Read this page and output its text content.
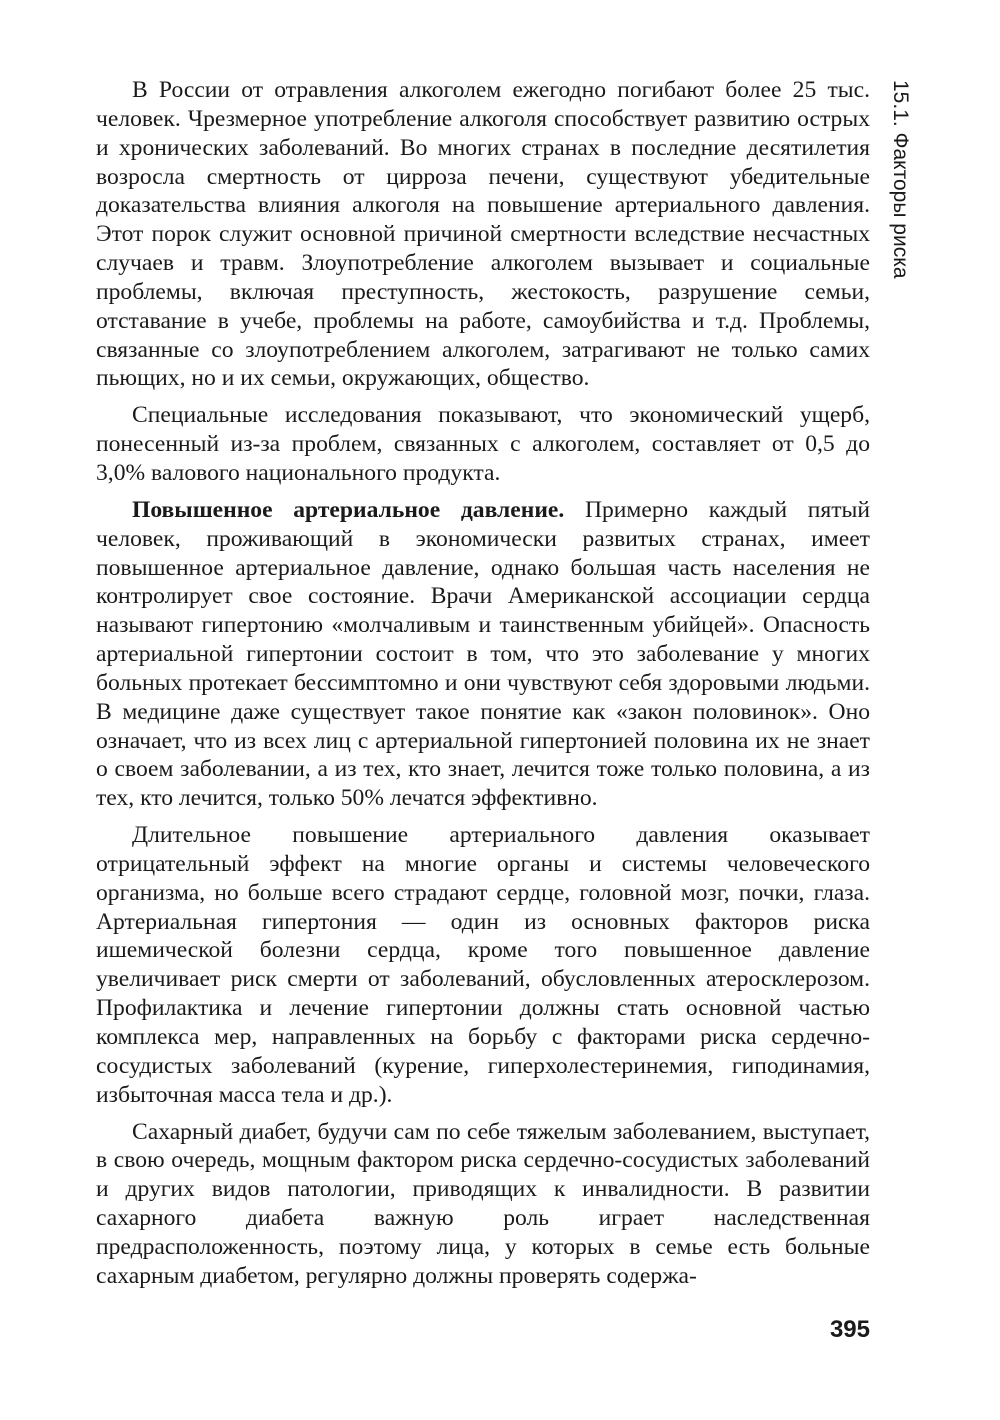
15.1. Факторы риска

В России от отравления алкоголем ежегодно погибают более 25 тыс. человек. Чрезмерное употребление алкоголя способствует развитию острых и хронических заболеваний. Во многих странах в последние десятилетия возросла смертность от цирроза печени, существуют убедительные доказательства влияния алкоголя на повышение артериального давления. Этот порок служит основной причиной смертности вследствие несчастных случаев и травм. Злоупотребление алкоголем вызывает и социальные проблемы, включая преступность, жестокость, разрушение семьи, отставание в учебе, проблемы на работе, самоубийства и т.д. Проблемы, связанные со злоупотреблением алкоголем, затрагивают не только самих пьющих, но и их семьи, окружающих, общество.

Специальные исследования показывают, что экономический ущерб, понесенный из-за проблем, связанных с алкоголем, составляет от 0,5 до 3,0% валового национального продукта.

Повышенное артериальное давление. Примерно каждый пятый человек, проживающий в экономически развитых странах, имеет повышенное артериальное давление, однако большая часть населения не контролирует свое состояние. Врачи Американской ассоциации сердца называют гипертонию «молчаливым и таинственным убийцей». Опасность артериальной гипертонии состоит в том, что это заболевание у многих больных протекает бессимптомно и они чувствуют себя здоровыми людьми. В медицине даже существует такое понятие как «закон половинок». Оно означает, что из всех лиц с артериальной гипертонией половина их не знает о своем заболевании, а из тех, кто знает, лечится тоже только половина, а из тех, кто лечится, только 50% лечатся эффективно.

Длительное повышение артериального давления оказывает отрицательный эффект на многие органы и системы человеческого организма, но больше всего страдают сердце, головной мозг, почки, глаза. Артериальная гипертония — один из основных факторов риска ишемической болезни сердца, кроме того повышенное давление увеличивает риск смерти от заболеваний, обусловленных атеросклерозом. Профилактика и лечение гипертонии должны стать основной частью комплекса мер, направленных на борьбу с факторами риска сердечно-сосудистых заболеваний (курение, гиперхолестеринемия, гиподинамия, избыточная масса тела и др.).

Сахарный диабет, будучи сам по себе тяжелым заболеванием, выступает, в свою очередь, мощным фактором риска сердечно-сосудистых заболеваний и других видов патологии, приводящих к инвалидности. В развитии сахарного диабета важную роль играет наследственная предрасположенность, поэтому лица, у которых в семье есть больные сахарным диабетом, регулярно должны проверять содержа-

395
